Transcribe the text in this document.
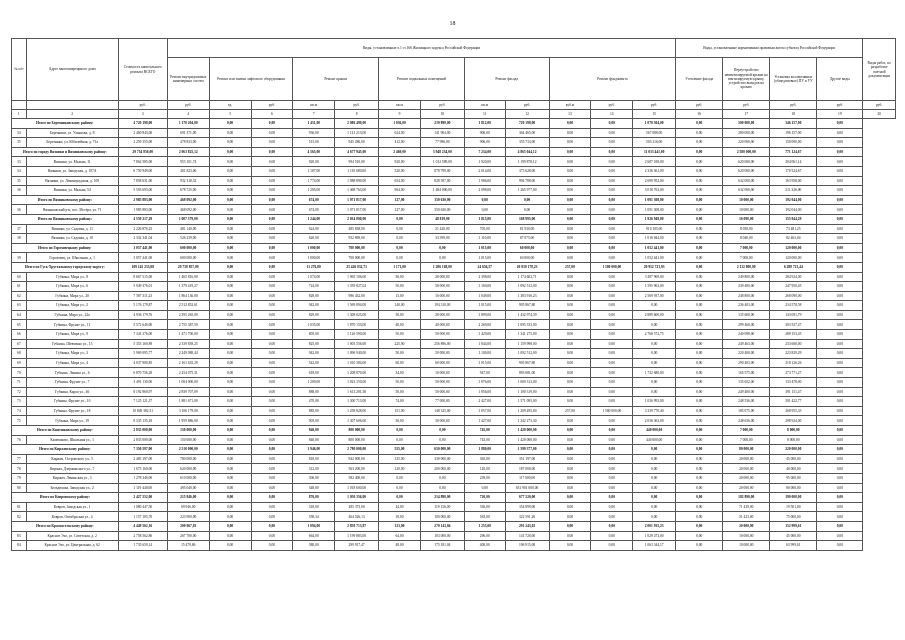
18
№ п/п	Адрес многоквартирного дома	Стоимость капитального ремонта ВСЕГО	Виды, установленные ч.1 ст.166 Жилищного кодекса Российской Федерации												Виды, установленные нормативным правовым актом субъекта Российской Федерации				Виды работ, по разработке сметной документации
			Ремонт внутридомовых инженерных систем	Ремонт или замена лифтового оборудования		Ремонт крыши		Ремонт подвальных помещений		Ремонт фасада		Ремонт фундамента			Утепление фасада	Переустройство невентилируемой крыши на вентилируемую крышу, устройство выходов на кровлю	Установка коллективных (общедомовых) ПУ и УУ	Другие виды	
		руб.	руб.	ед.	руб.	кв.м	руб.	кв.м	руб.	кв.м	руб.	куб.м	руб.	руб.	руб.	руб.	руб.	руб.	руб.
1	2	3	4	5	6	7	8	9	10	11	12	13	14	15	16	17	18	19	20
Итого по Березниковскому району:		4 720 198,00	1 170 204,00	0,00	0,00	1 451,00	2 086 499,00	1 036,00	219 890,00	1 812,00	720 198,00	0,00	0,00	1 070 304,00	0,00	500 000,00	346 157,00	0,00	
34	Березники, ул. Ульянова, д. 8	2 460 843,00	691 371,00	0,00	0,00	936,00	1 141 213,00	624,00	141 904,00	906,00	364 465,00	0,00	0,00	567 088,00	0,00	280 000,00	196 157,00	0,00	
35	Березники, ул. Юбилейная, д. 71а	2 259 355,00	478 833,00	0,00	0,00	515,00	945 286,00	412,00	77 986,00	906,00	355 733,00	0,00	0,00	503 216,00	0,00	220 000,00	150 000,00	0,00	
Итого по городу Вязники и Вязниковскому району:		29 754 856,00	2 063 825,12	0,00	0,00	4 565,00	4 677 945,00	2 469,00	3 948 234,00	7 234,00	4 865 044,12	0,00	0,00	11 033 441,00	0,00	2 580 000,00	771 124,67	0,00	
33	Вязники, ул. Малыш, 11	7 862 585,00	953 101,74	0,00	0,00	920,00	994 510,00	920,00	1 012 589,00	1 920,00	1 199 878,12	0,00	0,00	2 687 018,00	0,00	620 000,00	204 061,14	0,00	
34	Вязники, ул. Заводская, д. 107А	6 759 949,00	401 823,06	0,00	0,00	1 187,00	1 110 680,00	520,00	878 799,00	2 014,00	373 628,00	0,00	0,00	2 336 361,00	0,00	620 000,00	170 524,67	0,00	
35	Вязники, ул. Ленинградская, д. 109	7 858 631,00	932 318,32	0,00	0,00	1 774,00	1 988 890,00	654,00	828 397,00	1 986,00	994 788,00	0,00	0,00	2 690 952,00	0,00	632 000,00	163 958,00	0,00	
36	Вязники, ул. Малыш, 54	5 593 693,00	678 725,00	0,00	0,00	1 285,00	1 468 763,00	964,00	1 484 000,00	2 098,00	1 265 977,00	0,00	0,00	3 018 763,00	0,00	632 000,00	211 326,00	0,00	
Итого по Вязниковскому району:		2 985 883,00	468 092,00	0,00	0,00	674,00	1 071 817,00	127,00	350 630,00	0,00	0,00	0,00	0,00	1 091 308,00	0,00	10 000,00	192 044,00	0,00	
36	Вязниковский р-н, пос. Мстёра, ул. 71	1 985 883,00	468 092,00	0,00	0,00	674,00	1 071 817,00	127,00	350 630,00	0,00	0,00	0,00	0,00	1 091 308,00	0,00	10 000,00	192 044,00	0,00	
Итого по Вязниковскому району:		4 559 217,29	1 007 379,00	0,00	0,00	1 244,00	2 034 000,00	0,00	48 819,00	1 815,00	168 995,00	0,00	0,00	1 926 949,00	0,00	16 090,00	155 944,29	0,00	
37	Вязники, ул. Садовая, д. 11	2 226 876,25	481 140,00	0,00	0,00	624,00	485 838,00	0,00	21 420,00	705,00	81 930,00	0,00	0,00	910 105,00	0,00	8 050,00	73 481,25	0,00	
38	Вязники, ул. Садовая, д. 10	2 332 341,04	526 239,00	0,00	0,00	620,00	952 869,00	0,00	33 399,00	1 110,00	87 075,00	0,00	0,00	1 016 844,00	0,00	8 040,00	82 463,04	0,00	
Итого по Гороховецкому району:		3 057 441,00	600 000,00	0,00	0,00	1 000,00	700 000,00	0,00	0,00	1 015,00	60 000,00	0,00	0,00	1 052 441,00	0,00	7 000,00	120 000,00	0,00	
39	Гороховец, ул. Школьная, д. 1	3 057 441,00	600 000,00	0,00	0,00	1 000,00	700 000,00	0,00	0,00	1 015,00	60 000,00	0,00	0,00	1 052 441,00	0,00	7 000,00	120 000,00	0,00	
Итого по Гусь-Хрустальному городскому округу:		109 145 233,08	29 758 857,09	0,00	0,00	11 276,00	25 426 032,71	1 171,00	1 286 168,00	24 656,57	20 839 178,23	257,00	1 580 000,00	20 952 723,93	0,00	2 112 800,00	6 288 723,44	0,00	
60	Губкина, Мира ул., 8	8 667 515,00	1 465 816,00	0,00	0,00	1 074,00	1 965 106,00	36,00	28 000,00	2 398,00	1 174 602,71	0,00	0,00	3 497 969,00	0,00	249 800,00	284 924,00	0,00	
61	Губкина, Мира ул., 6	5 949 376,01	1 379 419,27	0,00	0,00	724,00	1 339 827,02	50,00	58 000,00	1 160,00	1 092 512,00	0,00	0,00	1 595 963,00	0,00	239 400,00	247 950,45	0,00	
62	Губкина, Мира ул., 20	7 587 311,23	1 864 136,00	0,00	0,00	828,00	986 432,00	13,00	16 000,00	1 049,00	1 383 916,23	0,00	0,00	2 569 937,00	0,00	248 800,00	268 090,00	0,00	
63	Губкина, Мира ул., 2	5 176 179,87	2 512 852,61	0,00	0,00	942,00	1 569 894,00	140,00	194 310,00	1 015,00	905 867,80	0,00	0,00	0,00	0,00	236 403,00	234 578,58	0,00	
64	Губкина, Мира ул., 22а	4 936 179,76	2 395 265,00	0,00	0,00	829,00	1 308 025,00	58,00	28 000,00	1 899,00	1 432 974,39	0,00	0,00	2 889 600,00	0,00	135 600,00	143 091,79	0,00	
65	Губкина, Фрунзе ул., 11	5 572 640,00	2 755 387,50	0,00	0,00	1 035,00	1 870 153,00	40,00	40 000,00	2 269,00	1 095 333,00	0,00	0,00	0,00	0,00	299 460,00	303 537,47	0,00	
66	Губкина, Мира ул., 9	7 341 376,00	1 471 700,00	0,00	0,00	805,00	1 126 590,00	50,00	50 000,00	1 429,00	1 341 275,00	0,00	0,00	2 768 572,75	0,00	240 098,00	288 153,45	0,00	
67	Губкина, Шевченко ул., 15	5 353 160,89	2 339 839,25	0,00	0,00	825,00	1 003 556,00	225,00	256 896,00	1 844,00	1 159 998,00	0,00	0,00	0,00	0,00	249 463,00	233 600,00	0,00	
68	Губкина, Мира ул., 3	5 969 095,77	2 249 088,44	0,00	0,00	942,00	1 096 940,00	50,00	50 000,00	1 100,00	1 092 512,00	0,00	0,00	0,00	0,00	220 400,00	223 829,29	0,00	
69	Губкина, Мира ул., 4	4 037 900,85	2 161 635,29	0,00	0,00	542,00	1 010 384,00	60,00	60 000,00	1 015,00	905 867,80	0,00	0,00	0,00	0,00	290 403,00	218 126,26	0,00	
70	Губкина, Ленина ул., 6	6 870 756,28	2 254 075,31	0,00	0,00	618,00	1 208 870,00	34,00	10 000,00	947,00	893 681,00	0,00	0,00	1 732 680,00	0,00	165 575,00	273 771,27	0,00	
71	Губкина, Фрунзе ул., 7	3 491 130,00	1 004 000,00	0,00	0,00	1 209,00	1 023 150,00	50,00	50 000,00	1 876,00	1 000 313,00	0,00	0,00	0,00	0,00	135 652,00	133 478,00	0,00	
72	Губкина, Карла ул., 46	8 192 860,97	2 839 707,09	0,00	0,00	888,00	1 613 281,58	50,00	50 000,00	1 856,00	1 100 319,00	0,00	0,00	0,00	0,00	249 400,00	391 151,47	0,00	
73	Губкина, Фрунзе ул., 10	7 125 121,37	1 881 671,00	0,00	0,00	470,00	1 300 713,00	74,00	77 000,00	2 427,00	1 571 095,00	0,00	0,00	1 036 993,00	0,00	248 536,00	301 422,77	0,00	
74	Губкина, Фрунзе ул., 18	10 849 382,51	3 106 179,00	0,00	0,00	885,00	1 258 828,00	151,00	148 325,00	1 057,00	1 209 495,00	257,00	1 580 000,00	3 339 770,40	0,00	185 075,00	268 955,35	0,00	
75	Губкина, Мира ул., 19	8 335 135,18	1 959 886,00	0,00	0,00	905,00	1 307 606,00	36,00	30 000,00	1 427,00	1 342 273,30	0,00	0,00	2 036 363,00	0,00	248 636,00	298 924,00	0,00	
Итого по Камешковскому району:		2 835 000,00	150 000,00	0,00	0,00	840,00	800 000,00	0,00	0,00	745,00	1 420 000,00	0,00	0,00	440 000,00	0,00	7 000,00	8 000,00	0,00	
76	Камешково, Школьная ул., 1	2 835 000,00	150 000,00	0,00	0,00	840,00	800 000,00	0,00	0,00	745,00	1 420 000,00	0,00	0,00	440 000,00	0,00	7 000,00	8 000,00	0,00	
Итого по Киржачскому району:		7 350 597,00	2 510 000,00	0,00	0,00	1 946,00	2 780 000,00	555,00	650 000,00	1 880,00	1 599 377,00	0,00	0,00	0,00	0,00	80 000,00	220 000,00	0,00	
77	Киржач, Островского ул., 5	2 483 197,00	780 000,00	0,00	0,00	818,00	942 000,00	335,00	330 000,00	365,00	351 197,00	0,00	0,00	0,00	0,00	20 000,00	45 000,00	0,00	
78	Киржач, Дзержинского ул., 7	1 675 160,00	620 000,00	0,00	0,00	312,00	563 200,00	120,00	200 000,00	120,00	187 000,00	0,00	0,00	0,00	0,00	20 000,00	40 000,00	0,00	
79	Киржач, Ленинская ул., 3	1 278 340,00	610 000,00	0,00	0,00	306,00	582 400,00	0,00	0,00	239,00	117 000,00	0,00	0,00	0,00	0,00	20 000,00	95 000,00	0,00	
80	Бельдюшка, Заводская ул., 2	1 119 440,00	495 040,00	0,00	0,00	348,00	1 018 600,00	0,00	0,00	0,00	651 901 000,00	0,00	0,00	0,00	0,00	20 000,00	80 000,00	0,00	
Итого по Ковровскому району:		2 427 552,00	215 846,00	0,00	0,00	876,00	1 050 356,00	0,00	214 890,00	720,00	677 520,00	0,00	0,00	0,00	0,00	182 890,00	190 000,00	0,00	
81	Ковров, Заводская ул., 1	1 080 447,50	69 946,00	0,00	0,00	318,00	285 373,00	24,00	119 156,00	336,00	354 899,00	0,00	0,00	0,00	0,00	71 439,00	19 501,00	0,00	
82	Ковров, Октябрьская ул., 4	1 157 105,70	223 900,00	0,00	0,00	558,34	464 526,13	18,00	100 000,00	563,00	322 591,26	0,00	0,00	0,00	0,00	51 423,00	75 000,00	0,00	
Итого по Красносельскому району:		4 449 562,16	200 067,02	0,00	0,00	1 094,00	2 859 713,87	123,00	270 143,04	1 253,00	291 243,02	0,00	0,00	2 001 935,23	0,00	20 000,00	152 999,61	0,00	
83	Красное Эхо, ул. Советская, д. 2	2 758 562,86	267 700,00	0,00	0,00	664,00	1 199 883,00	64,00	103 000,00	296,00	141 720,00	0,00	0,00	1 029 473,00	0,00	10 000,00	45 000,00	0,00	
84	Красное Эхо, ул. Центральная, д. 62	1 735 659,14	15 479,86	0,00	0,00	380,00	299 917,47	48,00	175 181,04	400,00	106 915,00	0,00	0,00	1 063 344,17	0,00	10 000,00	63 999,61	0,00	
